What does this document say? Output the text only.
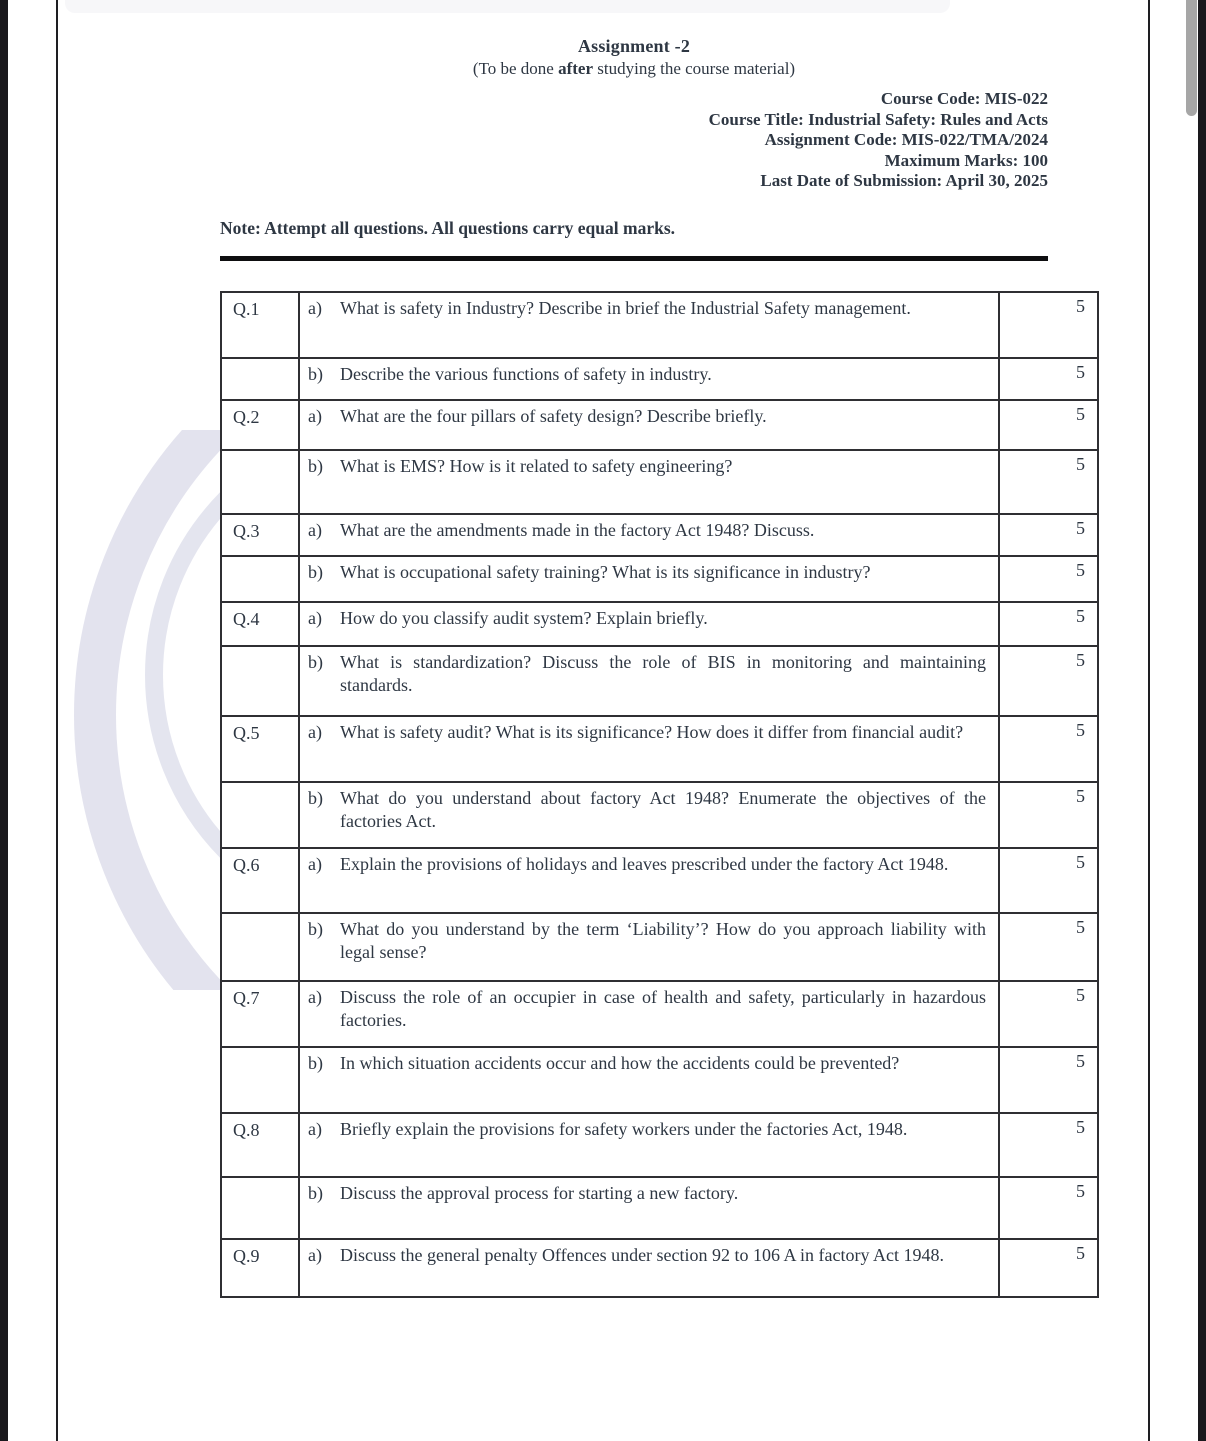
Assignment -2
(To be done after studying the course material)
Course Code: MIS-022
Course Title: Industrial Safety: Rules and Acts
Assignment Code: MIS-022/TMA/2024
Maximum Marks: 100
Last Date of Submission: April 30, 2025
Note: Attempt all questions. All questions carry equal marks.
Q.1	a) What is safety in Industry? Describe in brief the Industrial Safety management.	5

	b) Describe the various functions of safety in industry.	5
Q.2	a) What are the four pillars of safety design? Describe briefly.	5

	b) What is EMS? How is it related to safety engineering?	5
Q.3	a) What are the amendments made in the factory Act 1948? Discuss.	5

	b) What is occupational safety training? What is its significance in industry?	5
Q.4	a) How do you classify audit system? Explain briefly.	5

	b) What is standardization? Discuss the role of BIS in monitoring and maintaining standards.	5
Q.5	a) What is safety audit? What is its significance? How does it differ from financial audit?	5

	b) What do you understand about factory Act 1948? Enumerate the objectives of the factories Act.	5
Q.6	a) Explain the provisions of holidays and leaves prescribed under the factory Act 1948.	5

	b) What do you understand by the term ‘Liability’? How do you approach liability with legal sense?	5
Q.7	a) Discuss the role of an occupier in case of health and safety, particularly in hazardous factories.	5

	b) In which situation accidents occur and how the accidents could be prevented?	5
Q.8	a) Briefly explain the provisions for safety workers under the factories Act, 1948.	5

	b) Discuss the approval process for starting a new factory.	5
Q.9	a) Discuss the general penalty Offences under section 92 to 106 A in factory Act 1948.	5
